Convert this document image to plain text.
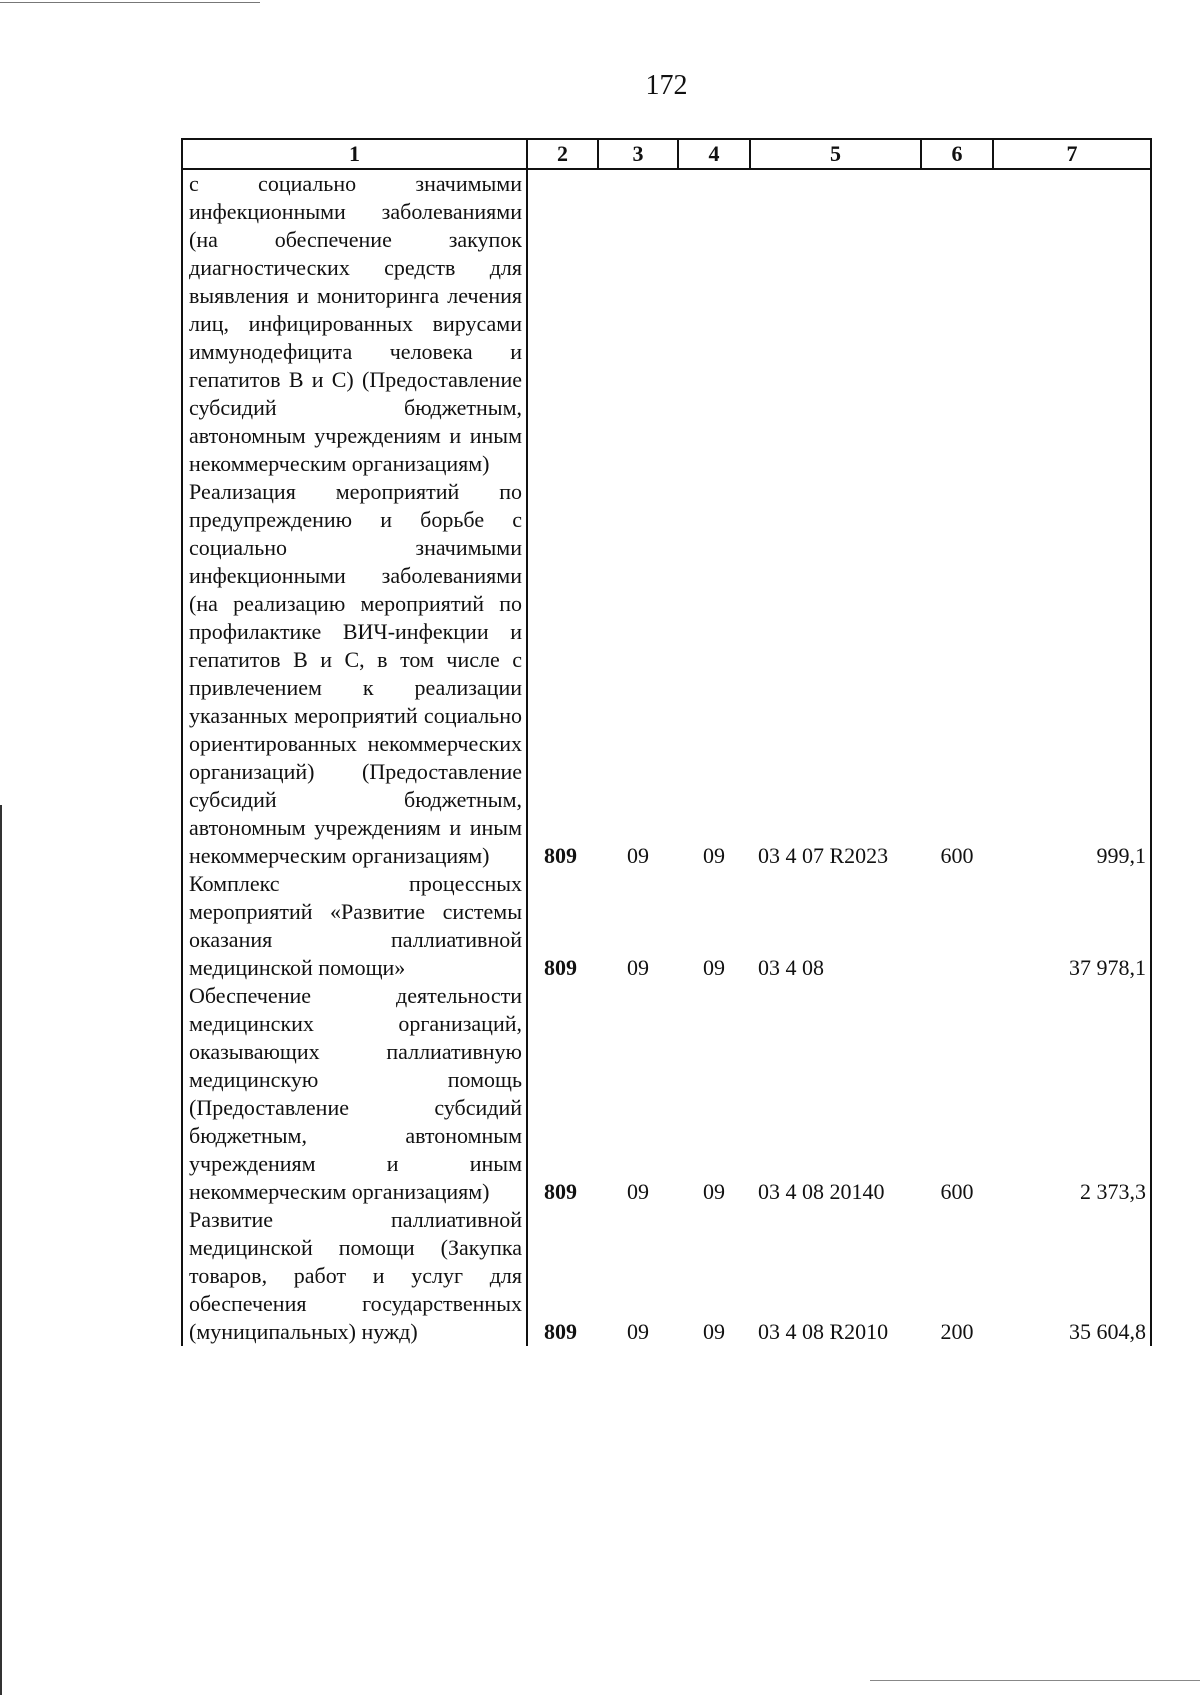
172
1	2	3	4	5	6	7
с социально значимыми инфекционными заболеваниями (на обеспечение закупок диагностических средств для выявления и мониторинга лечения лиц, инфицированных вирусами иммунодефицита человека и гепатитов В и С) (Предоставление субсидий бюджетным, автономным учреждениям и иным некоммерческим организациям)						
Реализация мероприятий по предупреждению и борьбе с социально значимыми инфекционными заболеваниями (на реализацию мероприятий по профилактике ВИЧ-инфекции и гепатитов В и С, в том числе с привлечением к реализации указанных мероприятий социально ориентированных некоммерческих организаций) (Предоставление субсидий бюджетным, автономным учреждениям и иным некоммерческим организациям)	809	09	09	03 4 07 R2023	600	999,1
Комплекс процессных мероприятий «Развитие системы оказания паллиативной медицинской помощи»	809	09	09	03 4 08		37 978,1
Обеспечение деятельности медицинских организаций, оказывающих паллиативную медицинскую помощь (Предоставление субсидий бюджетным, автономным учреждениям и иным некоммерческим организациям)	809	09	09	03 4 08 20140	600	2 373,3
Развитие паллиативной медицинской помощи (Закупка товаров, работ и услуг для обеспечения государственных (муниципальных) нужд)	809	09	09	03 4 08 R2010	200	35 604,8
